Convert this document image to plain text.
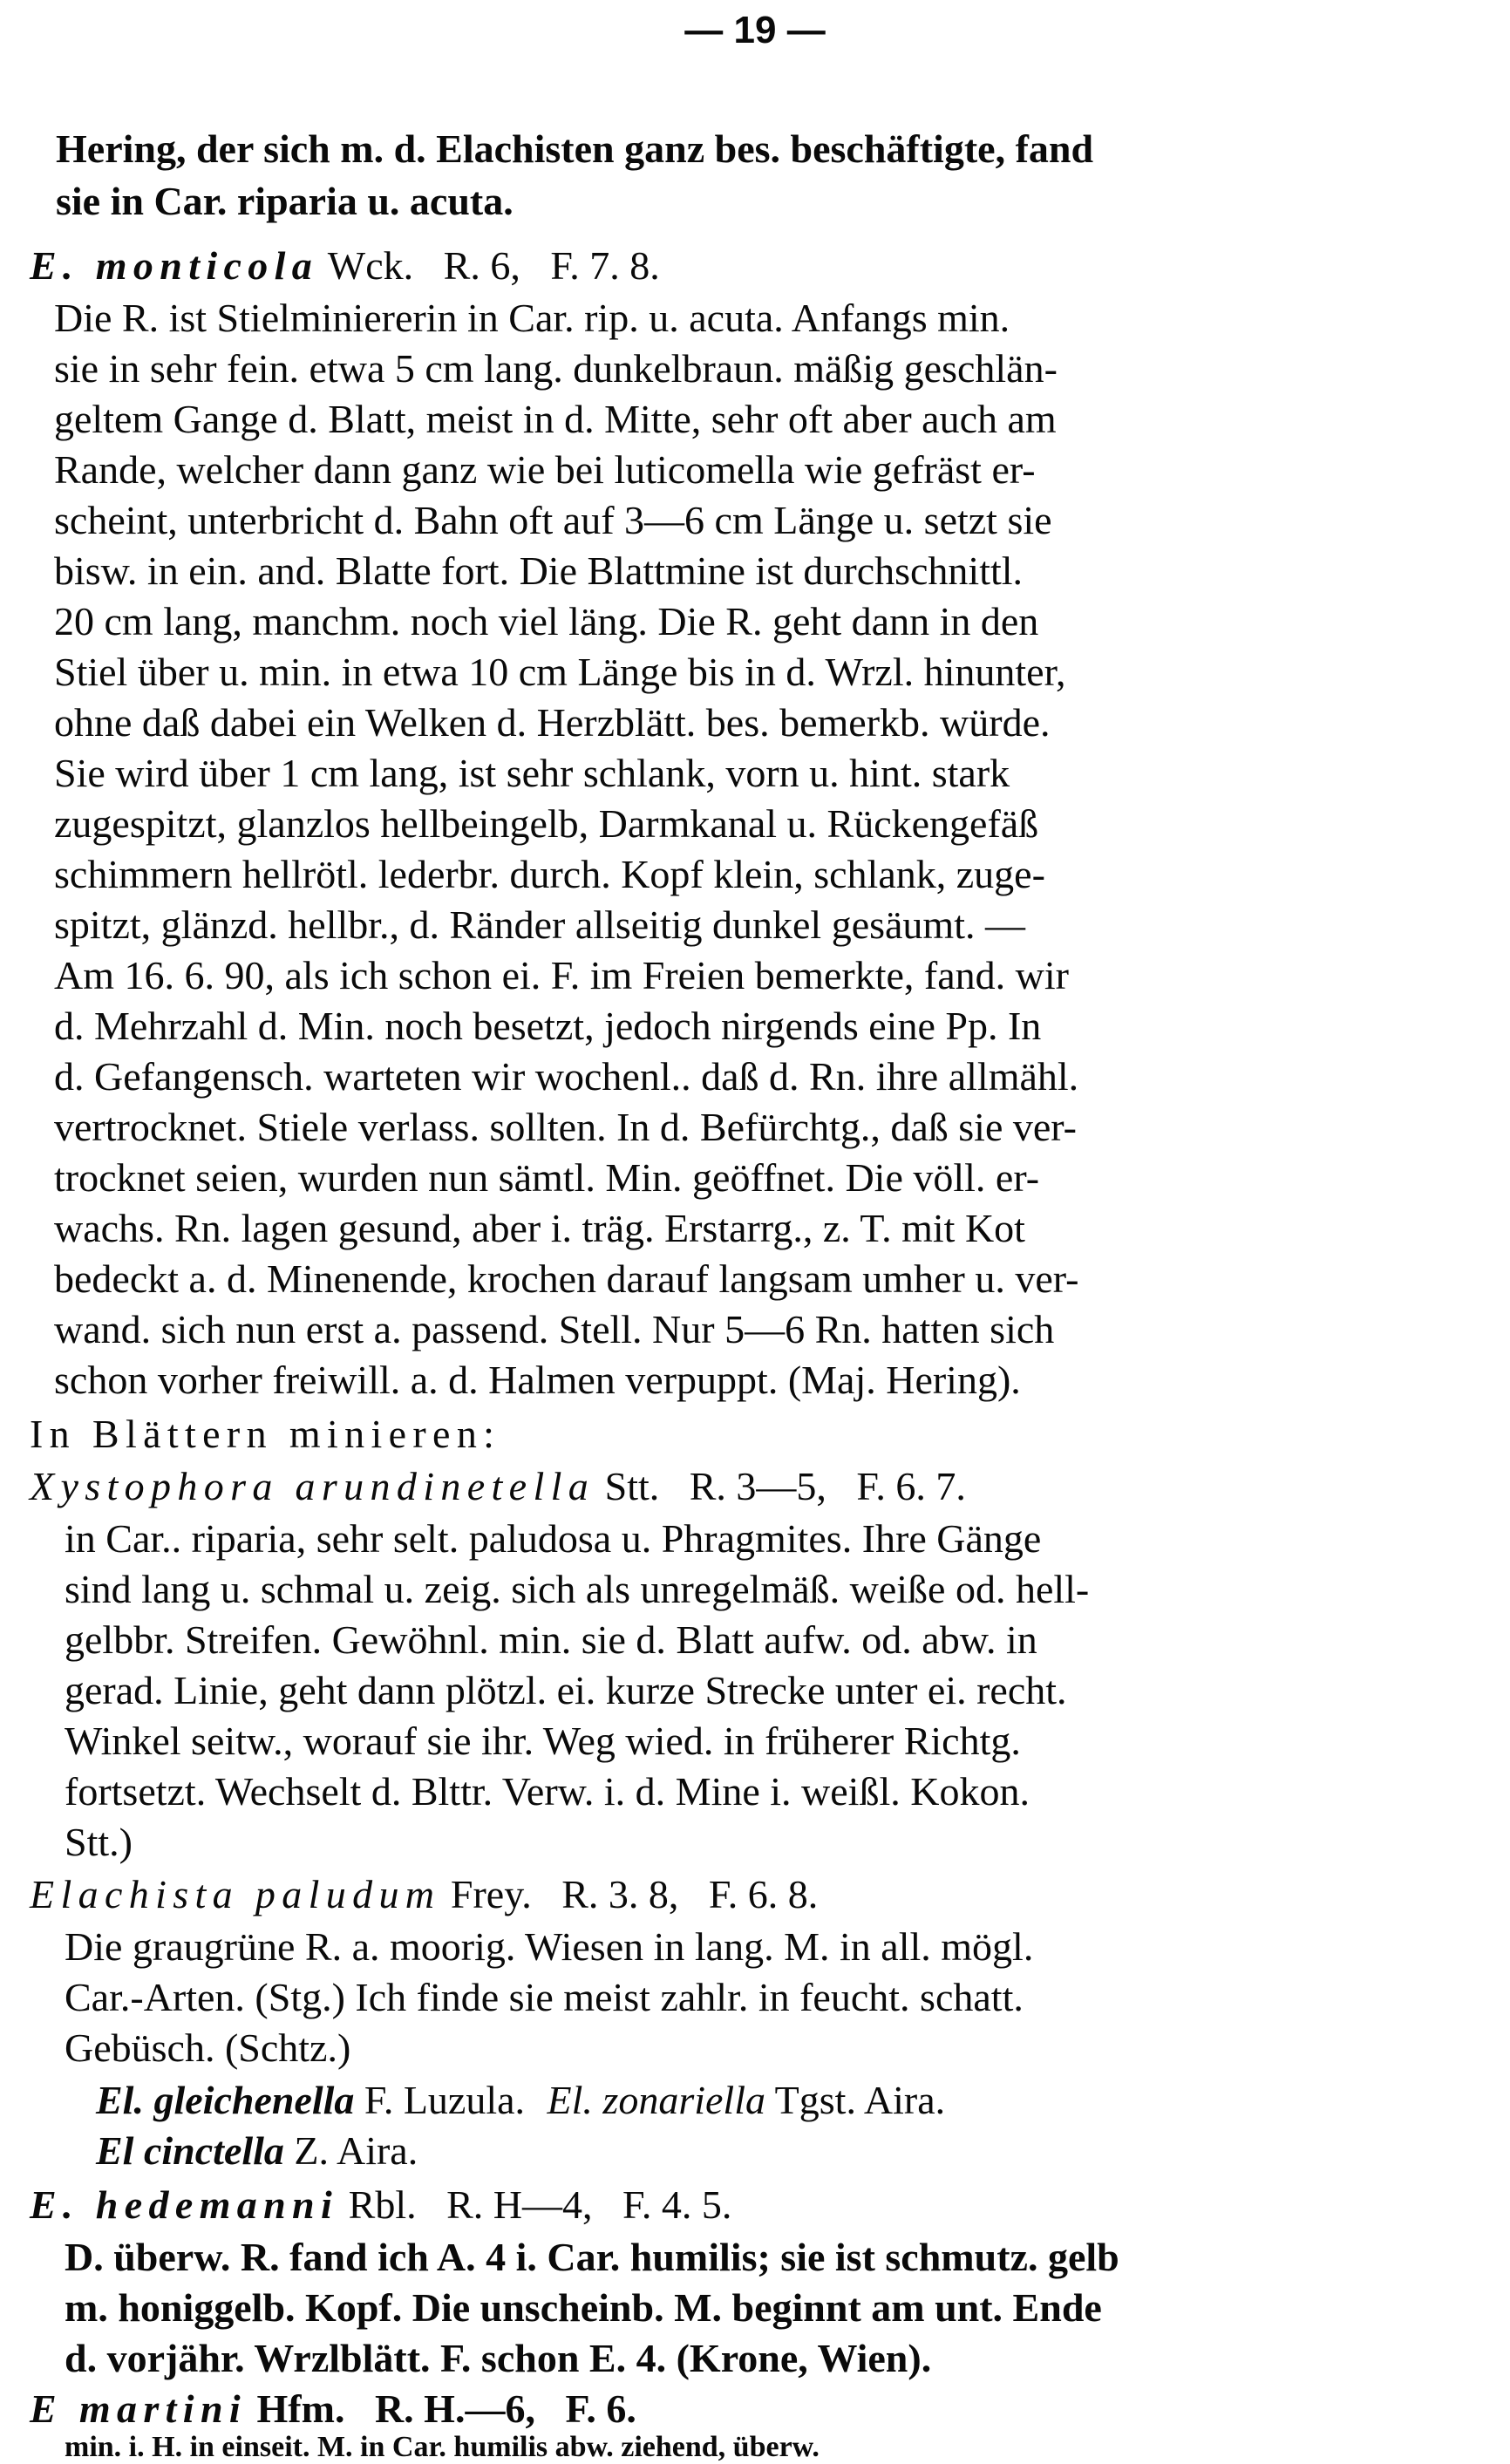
— 19 —
Hering, der sich m. d. Elachisten ganz bes. beschäftigte, fand
sie in Car. riparia u. acuta.
E. monticola Wck.   R. 6,   F. 7. 8.
Die R. ist Stielminiererin in Car. rip. u. acuta. Anfangs min.
sie in sehr fein. etwa 5 cm lang. dunkelbraun. mäßig geschlän-
geltem Gange d. Blatt, meist in d. Mitte, sehr oft aber auch am
Rande, welcher dann ganz wie bei luticomella wie gefräst er-
scheint, unterbricht d. Bahn oft auf 3—6 cm Länge u. setzt sie
bisw. in ein. and. Blatte fort. Die Blattmine ist durchschnittl.
20 cm lang, manchm. noch viel läng. Die R. geht dann in den
Stiel über u. min. in etwa 10 cm Länge bis in d. Wrzl. hinunter,
ohne daß dabei ein Welken d. Herzblätt. bes. bemerkb. würde.
Sie wird über 1 cm lang, ist sehr schlank, vorn u. hint. stark
zugespitzt, glanzlos hellbeingelb, Darmkanal u. Rückengefäß
schimmern hellrötl. lederbr. durch. Kopf klein, schlank, zuge-
spitzt, glänzd. hellbr., d. Ränder allseitig dunkel gesäumt. —
Am 16. 6. 90, als ich schon ei. F. im Freien bemerkte, fand. wir
d. Mehrzahl d. Min. noch besetzt, jedoch nirgends eine Pp. In
d. Gefangensch. warteten wir wochenl.. daß d. Rn. ihre allmähl.
vertrocknet. Stiele verlass. sollten. In d. Befürchtg., daß sie ver-
trocknet seien, wurden nun sämtl. Min. geöffnet. Die völl. er-
wachs. Rn. lagen gesund, aber i. träg. Erstarrg., z. T. mit Kot
bedeckt a. d. Minenende, krochen darauf langsam umher u. ver-
wand. sich nun erst a. passend. Stell. Nur 5—6 Rn. hatten sich
schon vorher freiwill. a. d. Halmen verpuppt. (Maj. Hering).
In Blättern minieren:
Xystophora arundinetella Stt.   R. 3—5,   F. 6. 7.
in Car.. riparia, sehr selt. paludosa u. Phragmites. Ihre Gänge
sind lang u. schmal u. zeig. sich als unregelmäß. weiße od. hell-
gelbbr. Streifen. Gewöhnl. min. sie d. Blatt aufw. od. abw. in
gerad. Linie, geht dann plötzl. ei. kurze Strecke unter ei. recht.
Winkel seitw., worauf sie ihr. Weg wied. in früherer Richtg.
fortsetzt. Wechselt d. Blttr. Verw. i. d. Mine i. weißl. Kokon.
Stt.)
Elachista paludum Frey.   R. 3. 8,   F. 6. 8.
Die graugrüne R. a. moorig. Wiesen in lang. M. in all. mögl.
Car.-Arten. (Stg.) Ich finde sie meist zahlr. in feucht. schatt.
Gebüsch. (Schtz.)
El. gleichenella F. Luzula. El. zonariella Tgst. Aira.
El cinctella Z. Aira.
E. hedemanni Rbl.   R. H—4,   F. 4. 5.
D. überw. R. fand ich A. 4 i. Car. humilis; sie ist schmutz. gelb
m. honiggelb. Kopf. Die unscheinb. M. beginnt am unt. Ende
d. vorjähr. Wrzlblätt. F. schon E. 4. (Krone, Wien).
E martini Hfm.   R. H.—6,   F. 6.
min. i. H. in einseit. M. in Car. humilis abw. ziehend, überw.
